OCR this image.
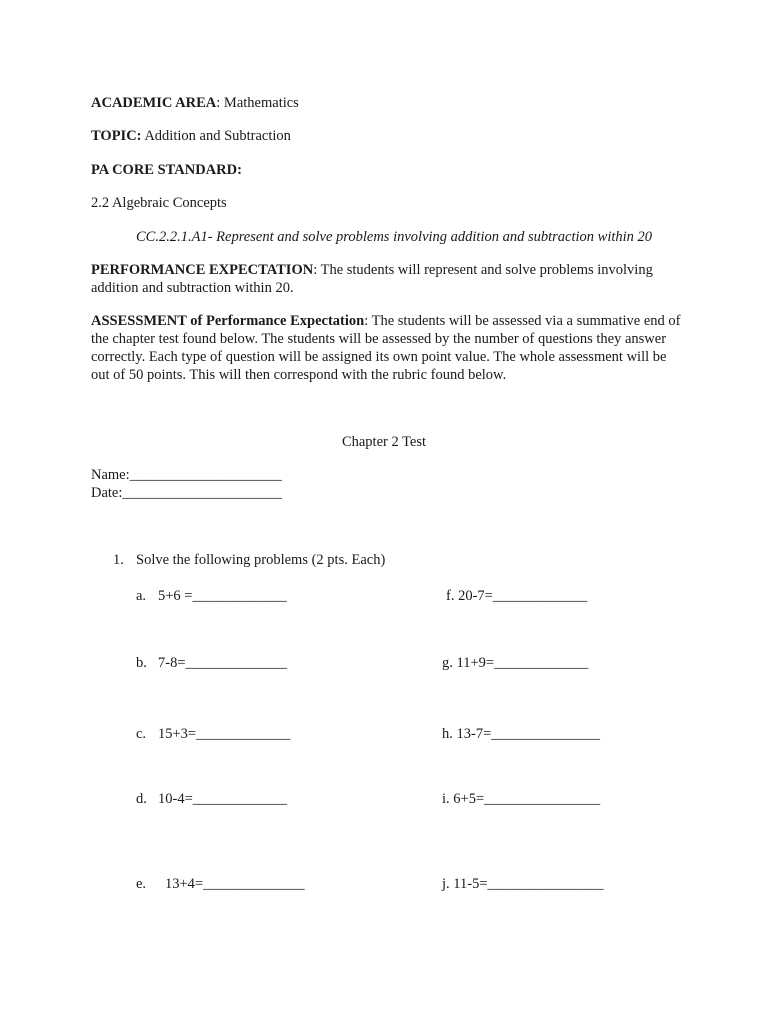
ACADEMIC AREA: Mathematics
TOPIC: Addition and Subtraction
PA CORE STANDARD:
2.2 Algebraic Concepts
CC.2.2.1.A1- Represent and solve problems involving addition and subtraction within 20
PERFORMANCE EXPECTATION: The students will represent and solve problems involving addition and subtraction within 20.
ASSESSMENT of Performance Expectation: The students will be assessed via a summative end of the chapter test found below. The students will be assessed by the number of questions they answer correctly. Each type of question will be assigned its own point value. The whole assessment will be out of 50 points. This will then correspond with the rubric found below.
Chapter 2 Test
Name:_____________________
Date:______________________
1. Solve the following problems (2 pts. Each)
a. 5+6 =_____________
b. 7-8=______________
c. 15+3=_____________
d. 10-4=_____________
e. 13+4=______________
f. 20-7=_____________
g. 11+9=_____________
h. 13-7=_______________
i. 6+5=________________
j. 11-5=________________
